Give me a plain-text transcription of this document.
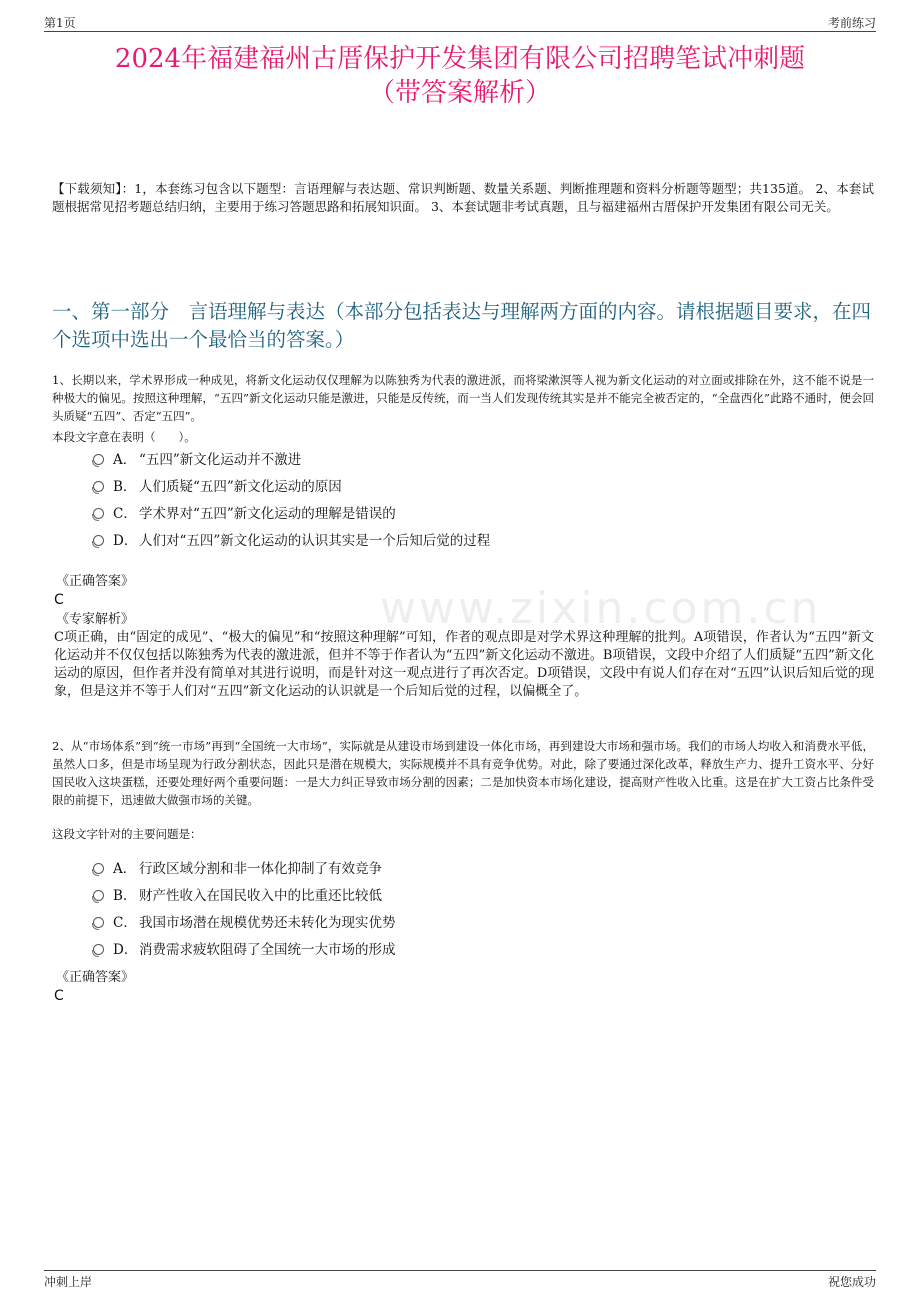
第1页	考前练习
2024年福建福州古厝保护开发集团有限公司招聘笔试冲刺题
（带答案解析）
【下载须知】：1，本套练习包含以下题型：言语理解与表达题、常识判断题、数量关系题、判断推理题和资料分析题等题型；共135道。 2、本套试题根据常见招考题总结归纳，主要用于练习答题思路和拓展知识面。 3、本套试题非考试真题，且与福建福州古厝保护开发集团有限公司无关。
一、第一部分　言语理解与表达（本部分包括表达与理解两方面的内容。请根据题目要求，在四个选项中选出一个最恰当的答案。）
www.zixin.com.cn
1、长期以来，学术界形成一种成见，将新文化运动仅仅理解为以陈独秀为代表的激进派，而将梁漱溟等人视为新文化运动的对立面或排除在外，这不能不说是一种极大的偏见。按照这种理解，“五四”新文化运动只能是激进，只能是反传统，而一当人们发现传统其实是并不能完全被否定的，“全盘西化”此路不通时，便会回头质疑“五四”、否定“五四”。
本段文字意在表明（　　）。
A． “五四”新文化运动并不激进
B． 人们质疑“五四”新文化运动的原因
C． 学术界对“五四”新文化运动的理解是错误的
D． 人们对“五四”新文化运动的认识其实是一个后知后觉的过程
《正确答案》
C
《专家解析》
C项正确，由“固定的成见”、“极大的偏见”和“按照这种理解”可知，作者的观点即是对学术界这种理解的批判。A项错误，作者认为“五四”新文化运动并不仅仅包括以陈独秀为代表的激进派，但并不等于作者认为“五四”新文化运动不激进。B项错误，文段中介绍了人们质疑“五四”新文化运动的原因，但作者并没有简单对其进行说明，而是针对这一观点进行了再次否定。D项错误，文段中有说人们存在对“五四”认识后知后觉的现象，但是这并不等于人们对“五四”新文化运动的认识就是一个后知后觉的过程，以偏概全了。
2、从“市场体系”到“统一市场”再到“全国统一大市场”，实际就是从建设市场到建设一体化市场，再到建设大市场和强市场。我们的市场人均收入和消费水平低，虽然人口多，但是市场呈现为行政分割状态，因此只是潜在规模大，实际规模并不具有竞争优势。对此，除了要通过深化改革，释放生产力、提升工资水平、分好国民收入这块蛋糕，还要处理好两个重要问题：一是大力纠正导致市场分割的因素；二是加快资本市场化建设，提高财产性收入比重。这是在扩大工资占比条件受限的前提下，迅速做大做强市场的关键。
这段文字针对的主要问题是：
A． 行政区域分割和非一体化抑制了有效竞争
B． 财产性收入在国民收入中的比重还比较低
C． 我国市场潜在规模优势还未转化为现实优势
D． 消费需求疲软阻碍了全国统一大市场的形成
《正确答案》
C
冲刺上岸	祝您成功
